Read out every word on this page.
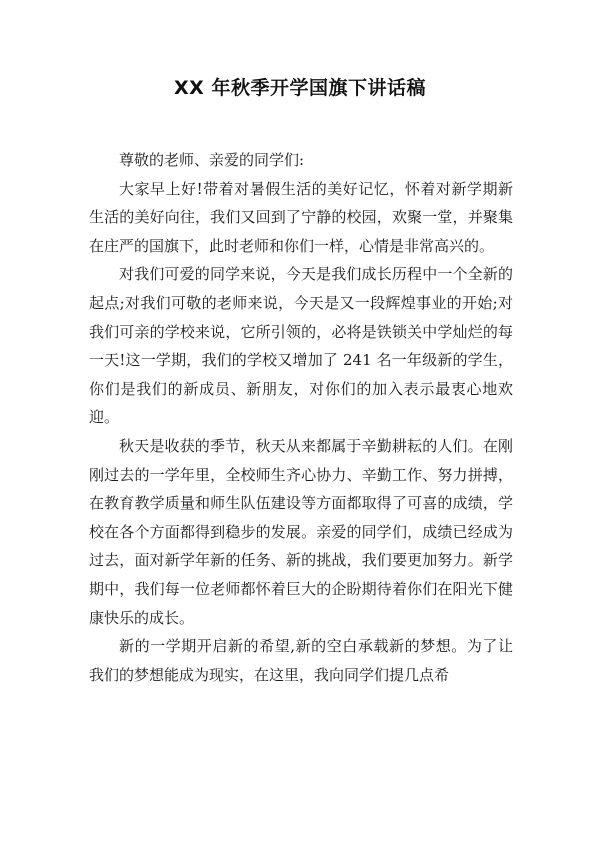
XX 年秋季开学国旗下讲话稿

尊敬的老师、亲爱的同学们:

大家早上好!带着对暑假生活的美好记忆，怀着对新学期新生活的美好向往，我们又回到了宁静的校园，欢聚一堂，并聚集在庄严的国旗下，此时老师和你们一样，心情是非常高兴的。

对我们可爱的同学来说，今天是我们成长历程中一个全新的起点;对我们可敬的老师来说，今天是又一段辉煌事业的开始;对我们可亲的学校来说，它所引领的，必将是铁锁关中学灿烂的每一天!这一学期，我们的学校又增加了 241 名一年级新的学生，你们是我们的新成员、新朋友，对你们的加入表示最衷心地欢迎。

秋天是收获的季节，秋天从来都属于辛勤耕耘的人们。在刚刚过去的一学年里，全校师生齐心协力、辛勤工作、努力拼搏，在教育教学质量和师生队伍建设等方面都取得了可喜的成绩，学校在各个方面都得到稳步的发展。亲爱的同学们，成绩已经成为过去，面对新学年新的任务、新的挑战，我们要更加努力。新学期中，我们每一位老师都怀着巨大的企盼期待着你们在阳光下健康快乐的成长。

新的一学期开启新的希望,新的空白承载新的梦想。为了让我们的梦想能成为现实，在这里，我向同学们提几点希
